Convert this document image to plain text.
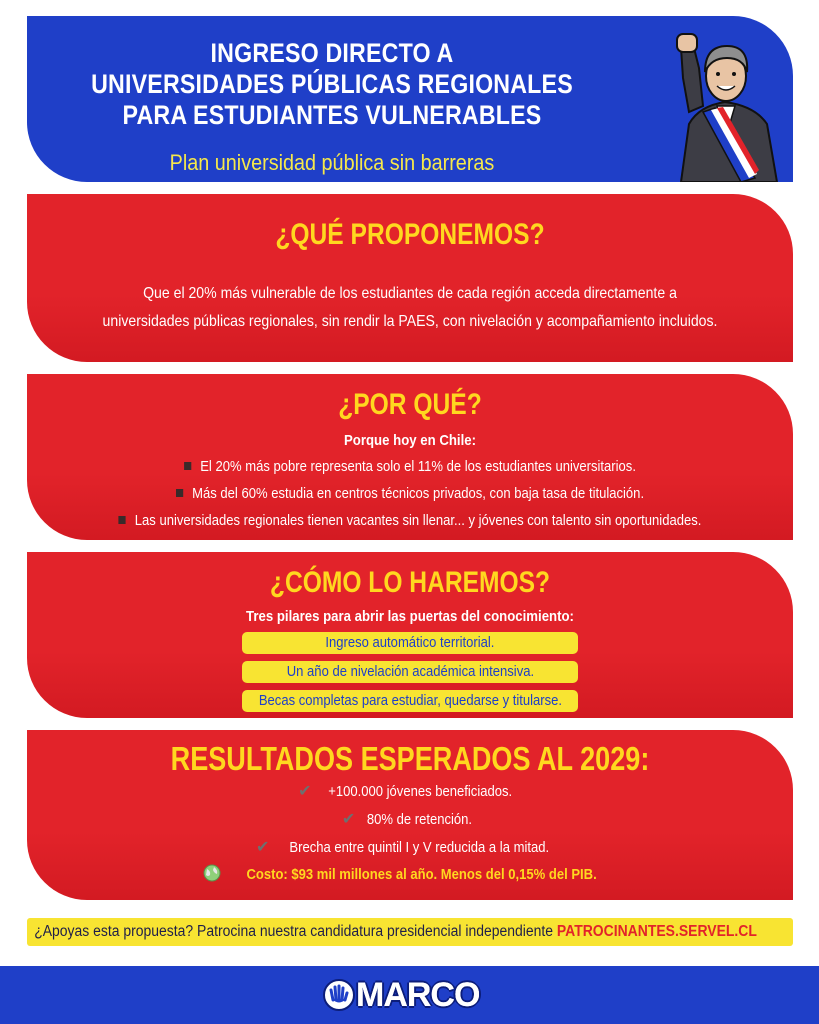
INGRESO DIRECTO A
UNIVERSIDADES PÚBLICAS REGIONALES
PARA ESTUDIANTES VULNERABLES
Plan universidad pública sin barreras
¿QUÉ PROPONEMOS?
Que el 20% más vulnerable de los estudiantes de cada región acceda directamente a
universidades públicas regionales, sin rendir la PAES, con nivelación y acompañamiento incluidos.
¿POR QUÉ?
Porque hoy en Chile:
El 20% más pobre representa solo el 11% de los estudiantes universitarios.
Más del 60% estudia en centros técnicos privados, con baja tasa de titulación.
Las universidades regionales tienen vacantes sin llenar... y jóvenes con talento sin oportunidades.
¿CÓMO LO HAREMOS?
Tres pilares para abrir las puertas del conocimiento:
Ingreso automático territorial.
Un año de nivelación académica intensiva.
Becas completas para estudiar, quedarse y titularse.
RESULTADOS ESPERADOS AL 2029:
✔ +100.000 jóvenes beneficiados.
✔ 80% de retención.
✔ Brecha entre quintil I y V reducida a la mitad.
Costo: $93 mil millones al año. Menos del 0,15% del PIB.
¿Apoyas esta propuesta? Patrocina nuestra candidatura presidencial independiente PATROCINANTES.SERVEL.CL
MARCO
